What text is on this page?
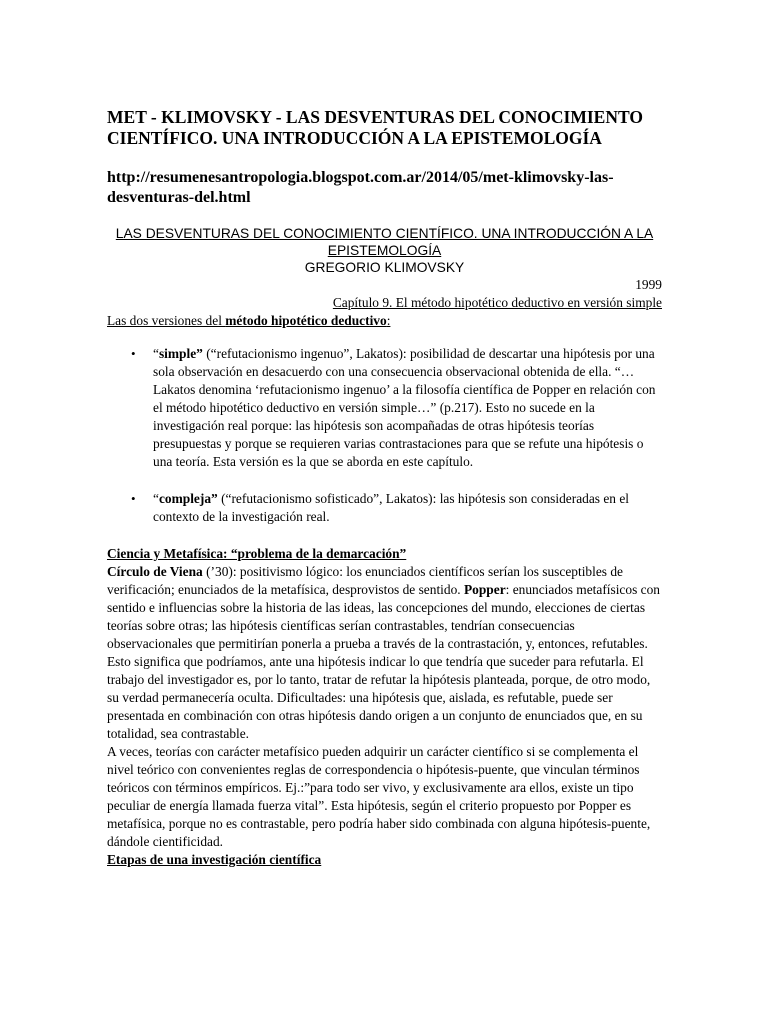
MET - KLIMOVSKY - LAS DESVENTURAS DEL CONOCIMIENTO CIENTÍFICO. UNA INTRODUCCIÓN A LA EPISTEMOLOGÍA

http://resumenesantropologia.blogspot.com.ar/2014/05/met-klimovsky-las-desventuras-del.html

LAS DESVENTURAS DEL CONOCIMIENTO CIENTÍFICO. UNA INTRODUCCIÓN A LA EPISTEMOLOGÍA

GREGORIO KLIMOVSKY

1999

Capítulo 9. El método hipotético deductivo en versión simple

Las dos versiones del método hipotético deductivo:

• “simple” (“refutacionismo ingenuo”, Lakatos): posibilidad de descartar una hipótesis por una sola observación en desacuerdo con una consecuencia observacional obtenida de ella. “…Lakatos denomina ‘refutacionismo ingenuo’ a la filosofía científica de Popper en relación con el método hipotético deductivo en versión simple…” (p.217). Esto no sucede en la investigación real porque: las hipótesis son acompañadas de otras hipótesis teorías presupuestas y porque se requieren varias contrastaciones para que se refute una hipótesis o una teoría. Esta versión es la que se aborda en este capítulo.
• “compleja” (“refutacionismo sofisticado”, Lakatos): las hipótesis son consideradas en el contexto de la investigación real.

Ciencia y Metafísica: “problema de la demarcación”

Círculo de Viena (’30): positivismo lógico: los enunciados científicos serían los susceptibles de verificación; enunciados de la metafísica, desprovistos de sentido. Popper: enunciados metafísicos con sentido e influencias sobre la historia de las ideas, las concepciones del mundo, elecciones de ciertas teorías sobre otras; las hipótesis científicas serían contrastables, tendrían consecuencias observacionales que permitirían ponerla a prueba a través de la contrastación, y, entonces, refutables. Esto significa que podríamos, ante una hipótesis indicar lo que tendría que suceder para refutarla. El trabajo del investigador es, por lo tanto, tratar de refutar la hipótesis planteada, porque, de otro modo, su verdad permanecería oculta. Dificultades: una hipótesis que, aislada, es refutable, puede ser presentada en combinación con otras hipótesis dando origen a un conjunto de enunciados que, en su totalidad, sea contrastable.

A veces, teorías con carácter metafísico pueden adquirir un carácter científico si se complementa el nivel teórico con convenientes reglas de correspondencia o hipótesis-puente, que vinculan términos teóricos con términos empíricos. Ej.:”para todo ser vivo, y exclusivamente ara ellos, existe un tipo peculiar de energía llamada fuerza vital”. Esta hipótesis, según el criterio propuesto por Popper es metafísica, porque no es contrastable, pero podría haber sido combinada con alguna hipótesis-puente, dándole cientificidad.

Etapas de una investigación científica
